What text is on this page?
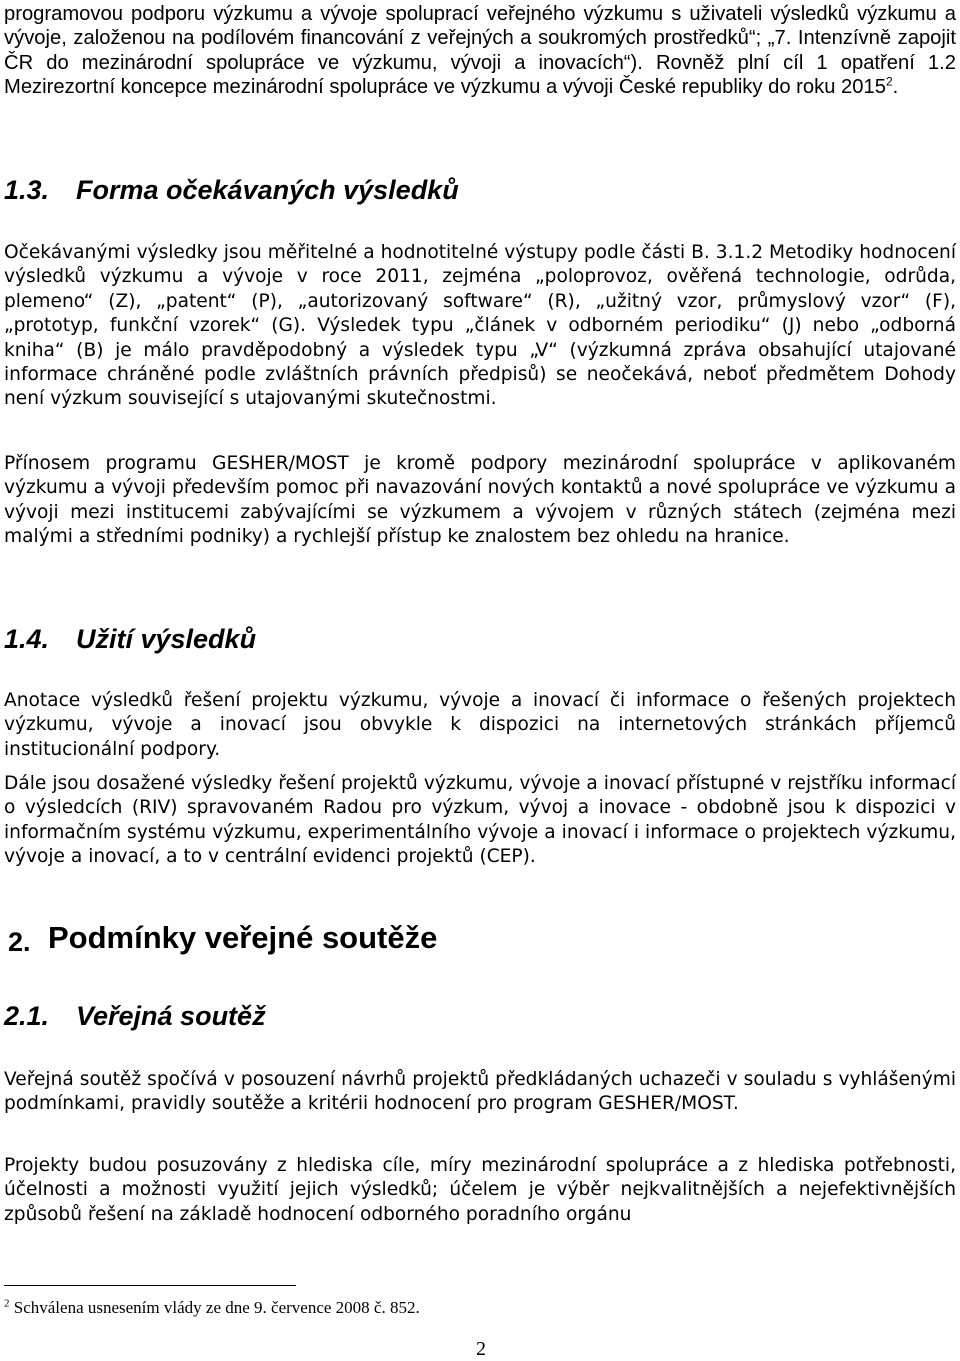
programovou podporu výzkumu a vývoje spoluprací veřejného výzkumu s uživateli výsledků výzkumu a vývoje, založenou na podílovém financování z veřejných a soukromých prostředků“; „7. Intenzívně zapojit ČR do mezinárodní spolupráce ve výzkumu, vývoji a inovacích“). Rovněž plní cíl 1 opatření 1.2 Mezirezortní koncepce mezinárodní spolupráce ve výzkumu a vývoji České republiky do roku 2015$^2$.

1.3. Forma očekávaných výsledků

Očekávanými výsledky jsou měřitelné a hodnotitelné výstupy podle části B. 3.1.2 Metodiky hodnocení výsledků výzkumu a vývoje v roce 2011, zejména „poloprovoz, ověřená technologie, odrůda, plemeno“ (Z), „patent“ (P), „autorizovaný software“ (R), „užitný vzor, průmyslový vzor“ (F), „prototyp, funkční vzorek“ (G). Výsledek typu „článek v odborném periodiku“ (J) nebo „odborná kniha“ (B) je málo pravděpodobný a výsledek typu „V“ (výzkumná zpráva obsahující utajované informace chráněné podle zvláštních právních předpisů) se neočekává, neboť předmětem Dohody není výzkum související s utajovanými skutečnostmi.

Přínosem programu GESHER/MOST je kromě podpory mezinárodní spolupráce v aplikovaném výzkumu a vývoji především pomoc při navazování nových kontaktů a nové spolupráce ve výzkumu a vývoji mezi institucemi zabývajícími se výzkumem a vývojem v různých státech (zejména mezi malými a středními podniky) a rychlejší přístup ke znalostem bez ohledu na hranice.

1.4. Užití výsledků

Anotace výsledků řešení projektu výzkumu, vývoje a inovací či informace o řešených projektech výzkumu, vývoje a inovací jsou obvykle k dispozici na internetových stránkách příjemců institucionální podpory.

Dále jsou dosažené výsledky řešení projektů výzkumu, vývoje a inovací přístupné v rejstříku informací o výsledcích (RIV) spravovaném Radou pro výzkum, vývoj a inovace - obdobně jsou k dispozici v informačním systému výzkumu, experimentálního vývoje a inovací i informace o projektech výzkumu, vývoje a inovací, a to v centrální evidenci projektů (CEP).

2. Podmínky veřejné soutěže
2.1. Veřejná soutěž

Veřejná soutěž spočívá v posouzení návrhů projektů předkládaných uchazeči v souladu s vyhlášenými podmínkami, pravidly soutěže a kritérii hodnocení pro program GESHER/MOST.

Projekty budou posuzovány z hlediska cíle, míry mezinárodní spolupráce a z hlediska potřebnosti, účelnosti a možnosti využití jejich výsledků; účelem je výběr nejkvalitnějších a nejefektivnějších způsobů řešení na základě hodnocení odborného poradního orgánu

$^2$ Schválena usnesením vlády ze dne 9. července 2008 č. 852.

2
